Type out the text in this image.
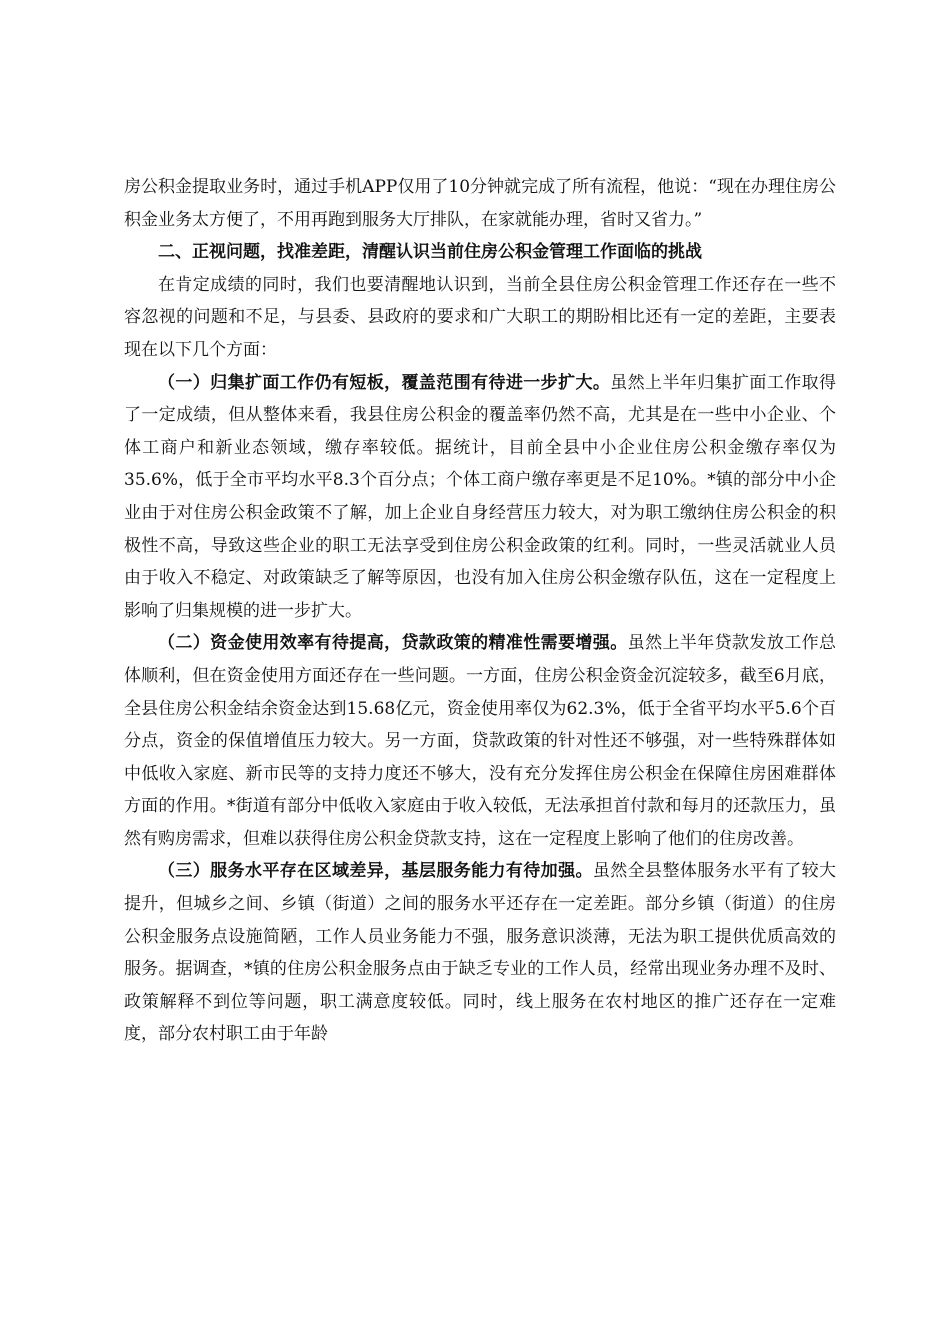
房公积金提取业务时，通过手机APP仅用了10分钟就完成了所有流程，他说：“现在办理住房公积金业务太方便了，不用再跑到服务大厅排队，在家就能办理，省时又省力。”

二、正视问题，找准差距，清醒认识当前住房公积金管理工作面临的挑战

在肯定成绩的同时，我们也要清醒地认识到，当前全县住房公积金管理工作还存在一些不容忽视的问题和不足，与县委、县政府的要求和广大职工的期盼相比还有一定的差距，主要表现在以下几个方面：

（一）归集扩面工作仍有短板，覆盖范围有待进一步扩大。虽然上半年归集扩面工作取得了一定成绩，但从整体来看，我县住房公积金的覆盖率仍然不高，尤其是在一些中小企业、个体工商户和新业态领域，缴存率较低。据统计，目前全县中小企业住房公积金缴存率仅为35.6%，低于全市平均水平8.3个百分点；个体工商户缴存率更是不足10%。*镇的部分中小企业由于对住房公积金政策不了解，加上企业自身经营压力较大，对为职工缴纳住房公积金的积极性不高，导致这些企业的职工无法享受到住房公积金政策的红利。同时，一些灵活就业人员由于收入不稳定、对政策缺乏了解等原因，也没有加入住房公积金缴存队伍，这在一定程度上影响了归集规模的进一步扩大。

（二）资金使用效率有待提高，贷款政策的精准性需要增强。虽然上半年贷款发放工作总体顺利，但在资金使用方面还存在一些问题。一方面，住房公积金资金沉淀较多，截至6月底，全县住房公积金结余资金达到15.68亿元，资金使用率仅为62.3%，低于全省平均水平5.6个百分点，资金的保值增值压力较大。另一方面，贷款政策的针对性还不够强，对一些特殊群体如中低收入家庭、新市民等的支持力度还不够大，没有充分发挥住房公积金在保障住房困难群体方面的作用。*街道有部分中低收入家庭由于收入较低，无法承担首付款和每月的还款压力，虽然有购房需求，但难以获得住房公积金贷款支持，这在一定程度上影响了他们的住房改善。

（三）服务水平存在区域差异，基层服务能力有待加强。虽然全县整体服务水平有了较大提升，但城乡之间、乡镇（街道）之间的服务水平还存在一定差距。部分乡镇（街道）的住房公积金服务点设施简陋，工作人员业务能力不强，服务意识淡薄，无法为职工提供优质高效的服务。据调查，*镇的住房公积金服务点由于缺乏专业的工作人员，经常出现业务办理不及时、政策解释不到位等问题，职工满意度较低。同时，线上服务在农村地区的推广还存在一定难度，部分农村职工由于年龄
